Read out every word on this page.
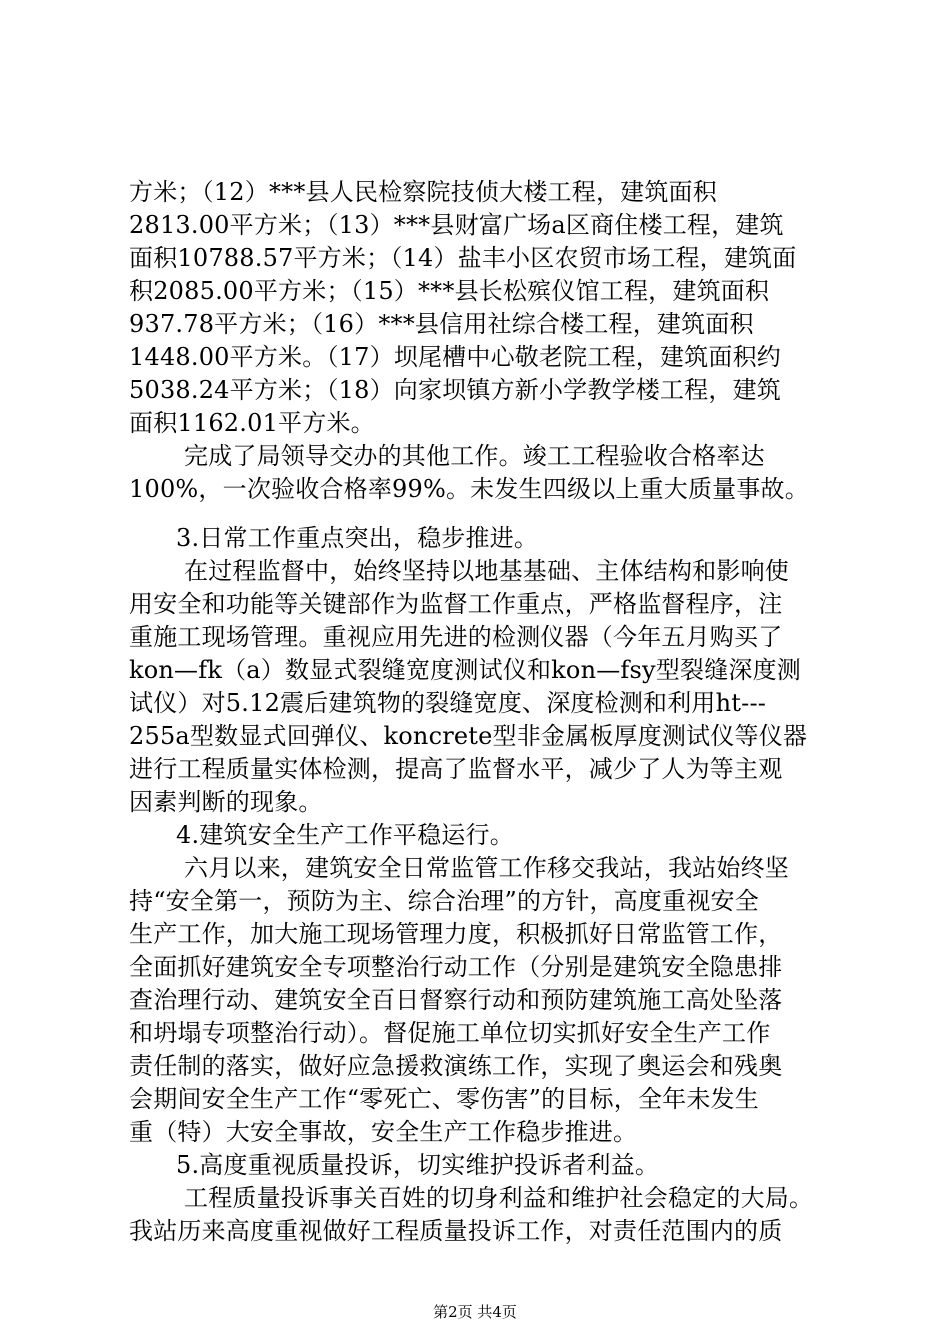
方米；（12）***县人民检察院技侦大楼工程，建筑面积
2813.00平方米；（13）***县财富广场a区商住楼工程，建筑
面积10788.57平方米；（14）盐丰小区农贸市场工程，建筑面
积2085.00平方米；（15）***县长松殡仪馆工程，建筑面积
937.78平方米；（16）***县信用社综合楼工程，建筑面积
1448.00平方米。（17）坝尾槽中心敬老院工程，建筑面积约
5038.24平方米；（18）向家坝镇方新小学教学楼工程，建筑
面积1162.01平方米。
完成了局领导交办的其他工作。竣工工程验收合格率达
100%，一次验收合格率99%。未发生四级以上重大质量事故。
3.日常工作重点突出，稳步推进。
在过程监督中，始终坚持以地基基础、主体结构和影响使
用安全和功能等关键部作为监督工作重点，严格监督程序，注
重施工现场管理。重视应用先进的检测仪器（今年五月购买了
kon—fk（a）数显式裂缝宽度测试仪和kon—fsy型裂缝深度测
试仪）对5.12震后建筑物的裂缝宽度、深度检测和利用ht---
255a型数显式回弹仪、koncrete型非金属板厚度测试仪等仪器
进行工程质量实体检测，提高了监督水平，减少了人为等主观
因素判断的现象。
4.建筑安全生产工作平稳运行。
六月以来，建筑安全日常监管工作移交我站，我站始终坚
持“安全第一，预防为主、综合治理”的方针，高度重视安全
生产工作，加大施工现场管理力度，积极抓好日常监管工作，
全面抓好建筑安全专项整治行动工作（分别是建筑安全隐患排
查治理行动、建筑安全百日督察行动和预防建筑施工高处坠落
和坍塌专项整治行动）。督促施工单位切实抓好安全生产工作
责任制的落实，做好应急援救演练工作，实现了奥运会和残奥
会期间安全生产工作“零死亡、零伤害”的目标，全年未发生
重（特）大安全事故，安全生产工作稳步推进。
5.高度重视质量投诉，切实维护投诉者利益。
工程质量投诉事关百姓的切身利益和维护社会稳定的大局。
我站历来高度重视做好工程质量投诉工作，对责任范围内的质
第2页 共4页
